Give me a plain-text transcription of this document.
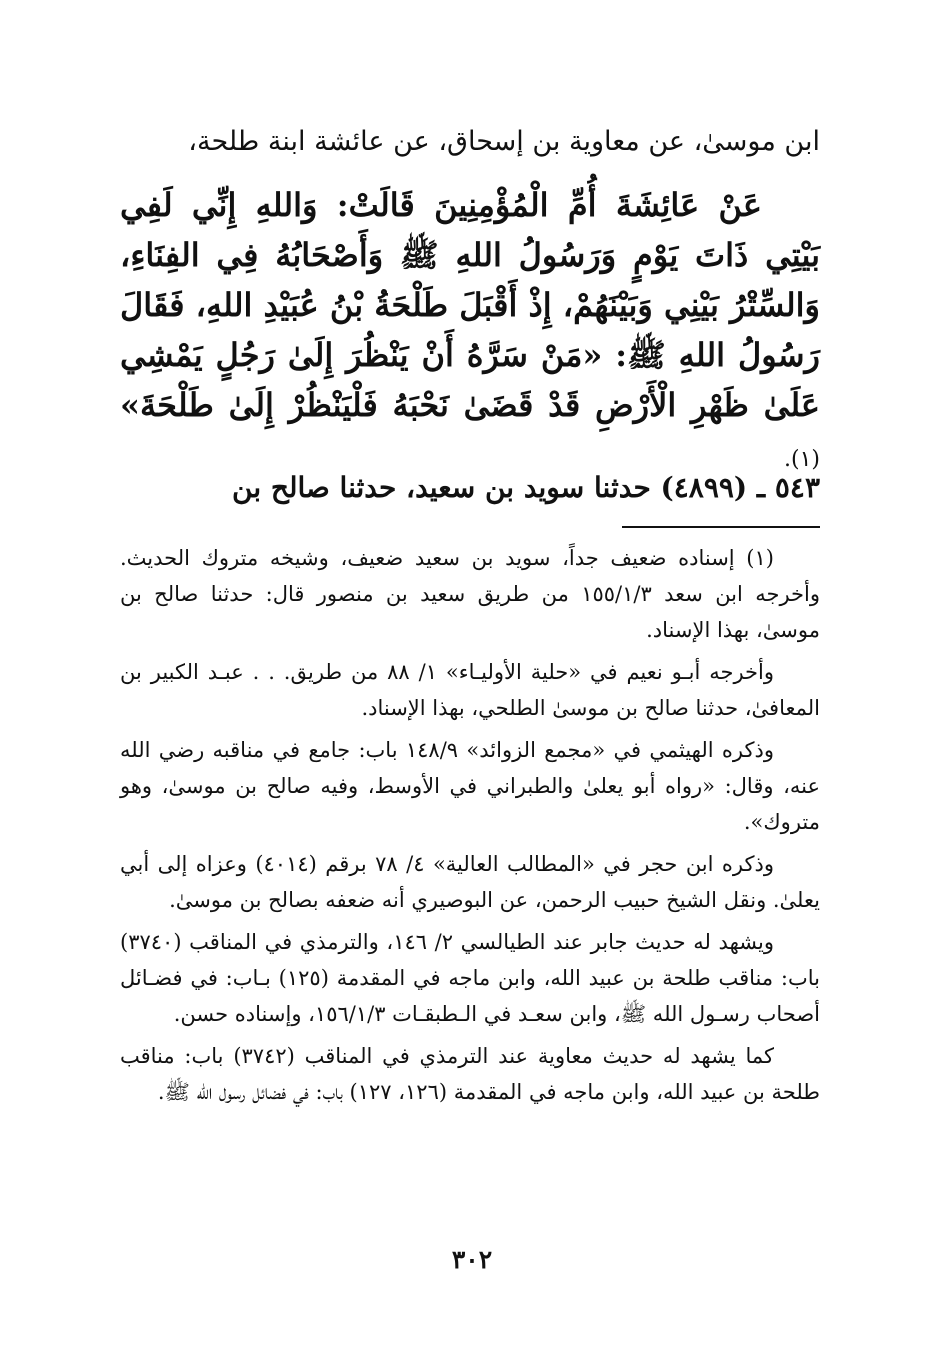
ابن موسىٰ، عن معاوية بن إسحاق، عن عائشة ابنة طلحة،

عَنْ عَائِشَةَ أُمِّ الْمُؤْمِنِينَ قَالَتْ: وَاللهِ إِنِّي لَفِي بَيْتِي ذَاتَ يَوْمٍ وَرَسُولُ اللهِ ﷺ وَأَصْحَابُهُ فِي الفِنَاءِ، وَالسِّتْرُ بَيْنِي وَبَيْنَهُمْ، إِذْ أَقْبَلَ طَلْحَةُ بْنُ عُبَيْدِ اللهِ، فَقَالَ رَسُولُ اللهِ ﷺ: «مَنْ سَرَّهُ أَنْ يَنْظُرَ إِلَىٰ رَجُلٍ يَمْشِي عَلَىٰ ظَهْرِ الْأَرْضِ قَدْ قَضَىٰ نَحْبَهُ فَلْيَنْظُرْ إِلَىٰ طَلْحَةَ» (١).

٥٤٣ ـ (٤٨٩٩) حدثنا سويد بن سعيد، حدثنا صالح بن

(١) إسناده ضعيف جداً، سويد بن سعيد ضعيف، وشيخه متروك الحديث. وأخرجه ابن سعد ١٥٥/١/٣ من طريق سعيد بن منصور قال: حدثنا صالح بن موسىٰ، بهذا الإسناد.

وأخرجه أبـو نعيم في «حلية الأوليـاء» ١/ ٨٨ من طريق. . . عبـد الكبير بن المعافىٰ، حدثنا صالح بن موسىٰ الطلحي، بهذا الإسناد.

وذكره الهيثمي في «مجمع الزوائد» ١٤٨/٩ باب: جامع في مناقبه رضي الله عنه، وقال: «رواه أبو يعلىٰ والطبراني في الأوسط، وفيه صالح بن موسىٰ، وهو متروك».

وذكره ابن حجر في «المطالب العالية» ٤/ ٧٨ برقم (٤٠١٤) وعزاه إلى أبي يعلىٰ. ونقل الشيخ حبيب الرحمن، عن البوصيري أنه ضعفه بصالح بن موسىٰ.

ويشهد له حديث جابر عند الطيالسي ٢/ ١٤٦، والترمذي في المناقب (٣٧٤٠) باب: مناقب طلحة بن عبيد الله، وابن ماجه في المقدمة (١٢٥) بـاب: في فضـائل أصحاب رسـول الله ﷺ، وابن سعـد في الـطبقـات ١٥٦/١/٣، وإسناده حسن.

كما يشهد له حديث معاوية عند الترمذي في المناقب (٣٧٤٢) باب: مناقب طلحة بن عبيد الله، وابن ماجه في المقدمة (١٢٦، ١٢٧) باب: في فضائل رسول الله ﷺ.

٣٠٢
